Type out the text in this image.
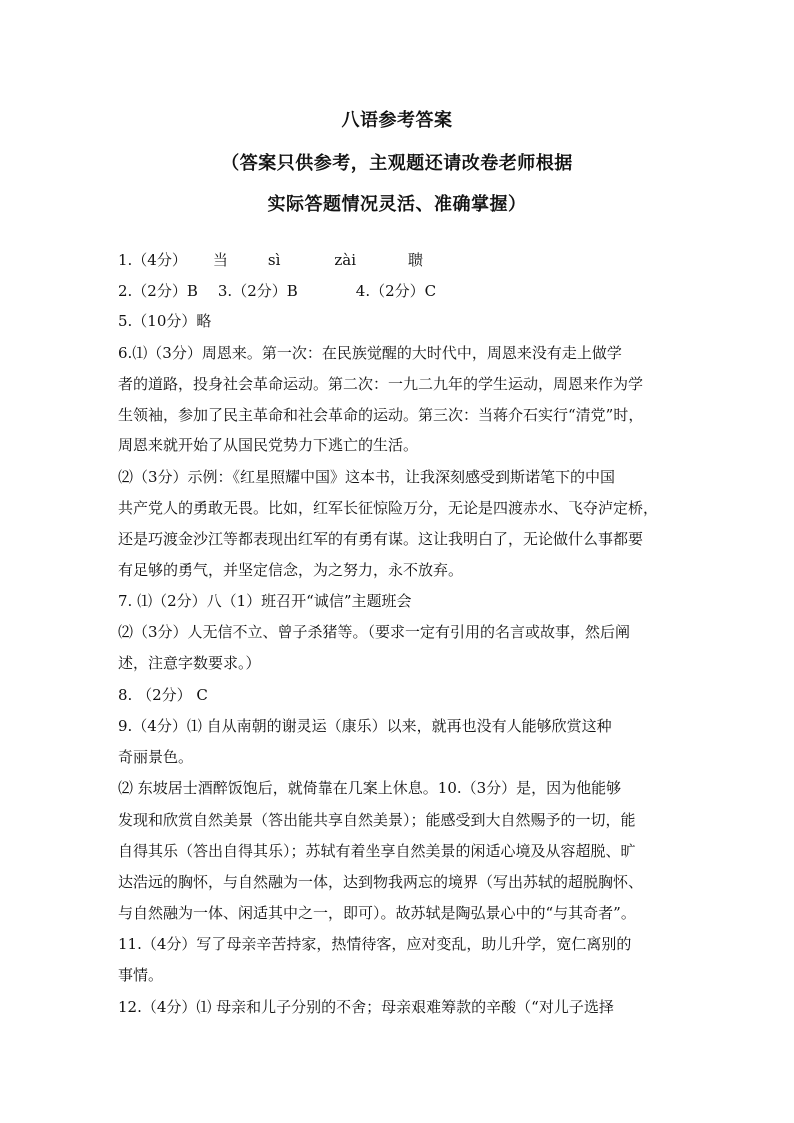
八语参考答案
（答案只供参考，主观题还请改卷老师根据
实际答题情况灵活、准确掌握）
1.（4分） 当	sì	zài	聩
2.（2分）B 3.（2分）B	4.（2分）C
5.（10分）略
6.⑴（3分）周恩来。第一次：在民族觉醒的大时代中，周恩来没有走上做学
者的道路，投身社会革命运动。第二次：一九二九年的学生运动，周恩来作为学
生领袖，参加了民主革命和社会革命的运动。第三次：当蒋介石实行“清党”时，
周恩来就开始了从国民党势力下逃亡的生活。
⑵（3分）示例：《红星照耀中国》这本书，让我深刻感受到斯诺笔下的中国
共产党人的勇敢无畏。比如，红军长征惊险万分，无论是四渡赤水、飞夺泸定桥，
还是巧渡金沙江等都表现出红军的有勇有谋。这让我明白了，无论做什么事都要
有足够的勇气，并坚定信念，为之努力，永不放弃。
7. ⑴（2分）八（1）班召开“诚信”主题班会
⑵（3分）人无信不立、曾子杀猪等。（要求一定有引用的名言或故事，然后阐
述，注意字数要求。）
8. （2分） C
9.（4分）⑴ 自从南朝的谢灵运（康乐）以来，就再也没有人能够欣赏这种
奇丽景色。
⑵ 东坡居士酒醉饭饱后，就倚靠在几案上休息。10.（3分）是，因为他能够
发现和欣赏自然美景（答出能共享自然美景）；能感受到大自然赐予的一切，能
自得其乐（答出自得其乐）；苏轼有着坐享自然美景的闲适心境及从容超脱、旷
达浩远的胸怀，与自然融为一体，达到物我两忘的境界（写出苏轼的超脱胸怀、
与自然融为一体、闲适其中之一，即可）。故苏轼是陶弘景心中的“与其奇者”。
11.（4分）写了母亲辛苦持家，热情待客，应对变乱，助儿升学，宽仁离别的
事情。
12.（4分）⑴ 母亲和儿子分别的不舍；母亲艰难筹款的辛酸（“对儿子选择
